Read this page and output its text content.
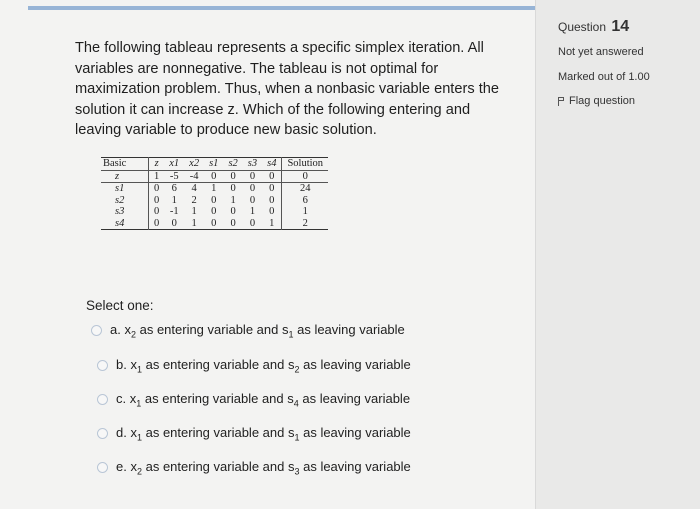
The following tableau represents a specific simplex iteration. All variables are nonnegative. The tableau is not optimal for maximization problem. Thus, when a nonbasic variable enters the solution it can increase z. Which of the following entering and leaving variable to produce new basic solution.
Basic	z	x1	x2	s1	s2	s3	s4	Solution
z	1	-5	-4	0	0	0	0	0
s1	0	6	4	1	0	0	0	24
s2	0	1	2	0	1	0	0	6
s3	0	-1	1	0	0	1	0	1
s4	0	0	1	0	0	0	1	2
Select one:
a. $x_2$ as entering variable and $s_1$ as leaving variable
b. $x_1$ as entering variable and $s_2$ as leaving variable
c. $x_1$ as entering variable and $s_4$ as leaving variable
d. $x_1$ as entering variable and $s_1$ as leaving variable
e. $x_2$ as entering variable and $s_3$ as leaving variable
Question 14
Not yet answered
Marked out of 1.00
Flag question
